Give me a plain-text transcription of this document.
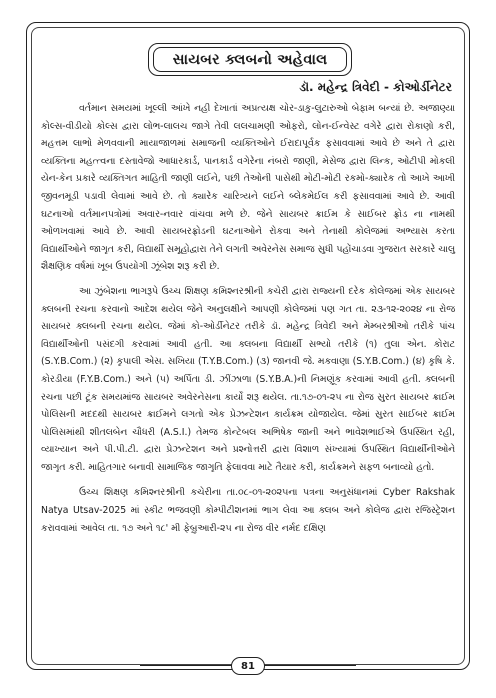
સાયબર ક્લબનો અહેવાલ
ડૉ. મહેન્દ્ર ત્રિવેદી - કોઓર્ડીનેટર

વર્તમાન સમયમાં ખૂલ્લી આંખે નહી દેખાતાં અપ્રત્યક્ષ ચોર-ડાકુ-લુટારુઓ બેફામ બન્યાં છે. અજાણ્યા કોલ્સ-વીડીયો કોલ્સ દ્વારા લોભ-લાલચ જાગે તેવી લલચામણી ઓફરો, લોન-ઈન્વેસ્ટ વગેરે દ્વારા રોકાણો કરી, મહત્તમ લાભો મેળવવાની માયાજાળમાં સમાજની વ્યક્તિઓને ઈરાદાપૂર્વક ફસાવવામાં આવે છે અને તે દ્વારા વ્યક્તિના મહત્ત્વના દસ્તાવેજો આધારકાર્ડ, પાનકાર્ડ વગેરેના નંબરો જાણી, મેસેજ દ્વારા લિન્ક, ઓટીપી મોકલી યેન-કેન પ્રકારે વ્યક્તિગત માહિતી જાણી લઈને, પછી તેઓની પાસેથી મોટી-મોટી રકમો-ક્યારેક તો આખે આખી જીવનમૂડી પડાવી લેવામાં આવે છે. તો ક્યારેક ચારિત્ર્યને લઈને બ્લેકમેઈલ કરી ફસાવવામાં આવે છે. આવી ઘટનાઓ વર્તમાનપત્રોમાં અવાર-નવાર વાંચવા મળે છે. જેને સાયબર ક્રાઈમ કે સાઈબર ફ્રોડ ના નામથી ઓળખવામાં આવે છે. આવી સાયબરફ્રોડની ઘટનાઓને રોકવા અને તેનાથી કોલેજમાં અભ્યાસ કરતા વિદ્યાર્થીઓને જાગૃત કરી, વિદ્યાર્થી સમૂહોદ્વારા તેને લગતી અવેરનેસ સમાજ સુધી પહોંચાડવા ગુજરાત સરકારે ચાલુ શૈક્ષણિક વર્ષમાં ખૂબ ઉપયોગી ઝૂંબેશ શરૂ કરી છે.

આ ઝુંબેશના ભાગરૂપે ઉચ્ચ શિક્ષણ કમિશ્નરશ્રીની કચેરી દ્વારા રાજ્યની દરેક કોલેજમાં એક સાયબર ક્લબની રચના કરવાનો આદેશ થયેલ જેને અનુલક્ષીને આપણી કોલેજમાં પણ ગત તા. ૨૩-૧૨-૨૦૨૪ ના રોજ સાયબર ક્લબની રચના થયેલ. જેમાં કો-ઓર્ડીનેટર તરીકે ડૉ. મહેન્દ્ર ત્રિવેદી અને મેમ્બરશ્રીઓ તરીકે પાંચ વિદ્યાર્થીઓની પસંદગી કરવામાં આવી હતી. આ ક્લબના વિદ્યાર્થી સભ્યો તરીકે (૧) તુલા એન. કોરાટ (S.Y.B.Com.) (૨) કૃપાલી એસ. સખિયા (T.Y.B.Com.) (૩) જાનવી જે. મકવાણા (S.Y.B.Com.) (૪) કૃષિ કે. કોરડીયા (F.Y.B.Com.) અને (૫) અર્પિતા ડી. ઝીંઝાળા (S.Y.B.A.)ની નિમણૂંક કરવામાં આવી હતી. ક્લબની રચના પછી ટૂંક સમયમાંજ સાયબર અવેરનેસના કાર્યો શરૂ થયેલ. તા.૧૭-૦૧-૨૫ ના રોજ સુરત સાયબર ક્રાઈમ પોલિસની મદદથી સાયબર ક્રાઈમને લગતો એક પ્રેઝન્ટેશન કાર્યક્રમ યોજાયેલ. જેમાં સુરત સાઈબર ક્રાઈમ પોલિસમાંથી શીતલબેન ચૌધરી (A.S.I.) તેમજ કોન્ટેબલ અભિષેક જાની અને ભાવેશભાઈએ ઉપસ્થિત રહી, વ્યાખ્યાન અને પી.પી.ટી. દ્વારા પ્રેઝન્ટેશન અને પ્રશ્નોત્તરી દ્વારા વિશાળ સંખ્યામાં ઉપસ્થિત વિદ્યાર્થીનીઓને જાગૃત કરી. માહિતગાર બનાવી સામાજિક જાગૃતિ ફેલાવવા માટે તૈયાર કરી, કાર્યક્રમને સફળ બનાવ્યો હતો.

ઉચ્ચ શિક્ષણ કમિશ્નરશ્રીની કચેરીના તા.૦૮-૦૧-૨૦૨૫ના પત્રના અનુસંધાનમાં Cyber Rakshak Natya Utsav-2025 માં સ્કીટ ભજવણી કોમ્પીટીશનમાં ભાગ લેવા આ ક્લબ અને કોલેજ દ્વારા રજિસ્ટ્રેશન કરાવવામાં આવેલ તા. ૧૭ અને ૧૮' મી ફેબ્રુઆરી-૨૫ ના રોજ વીર નર્મદ દક્ષિણ

81
